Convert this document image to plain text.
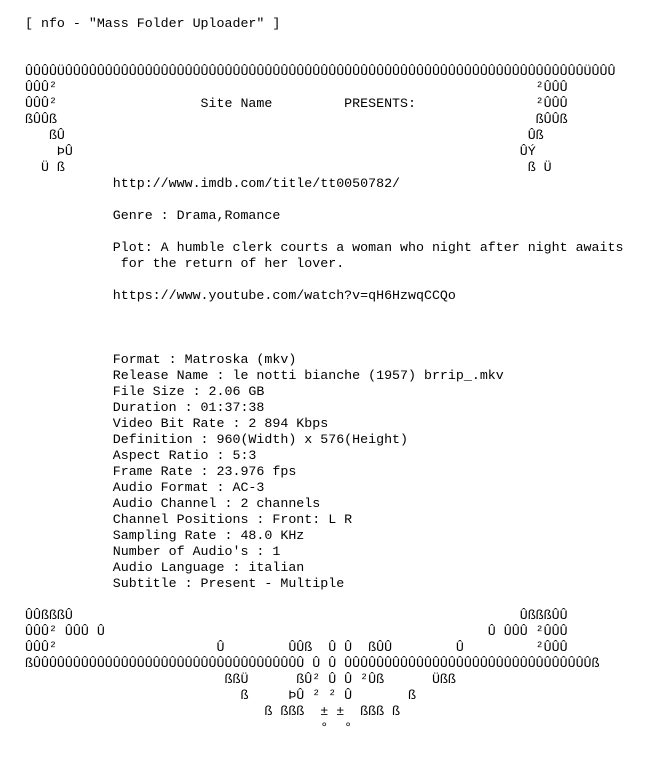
[ nfo - "Mass Folder Uploader" ]
ÛÛÛÛÜÛÛÛÛÛÛÛÛÛÛÛÛÛÛÛÛÛÛÛÛÛÛÛÛÛÛÛÛÛÛÛÛÛÛÛÛÛÛÛÛÛÛÛÛÛÛÛÛÛÛÛÛÛÛÛÛÛÛÛÛÛÛÛÛÛÜÛÛÛ
ÛÛÛ²                                                            ²ÛÛÛ
ÛÛÛ²                  Site Name         PRESENTS:               ²ÛÛÛ
ßÛÛß                                                            ßÛÛß
ßÛ                                                          Ûß
ÞÛ                                                        ÛÝ
Ü ß                                                          ß Ü
http://www.imdb.com/title/tt0050782/
Genre : Drama,Romance
Plot: A humble clerk courts a woman who night after night awaits
for the return of her lover.
https://www.youtube.com/watch?v=qH6HzwqCCQo
Format : Matroska (mkv)
Release Name : le notti bianche (1957) brrip_.mkv
File Size : 2.06 GB
Duration : 01:37:38
Video Bit Rate : 2 894 Kbps
Definition : 960(Width) x 576(Height)
Aspect Ratio : 5:3
Frame Rate : 23.976 fps
Audio Format : AC-3
Audio Channel : 2 channels
Channel Positions : Front: L R
Sampling Rate : 48.0 KHz
Number of Audio's : 1
Audio Language : italian
Subtitle : Present - Multiple
ÛÛßßßÛ                                                        ÛßßßÛÛ
ÛÛÛ² ÛÛÛ Û                                                Û ÛÛÛ ²ÛÛÛ
ÛÛÛ²                    Û        ÛÛß  Û Û  ßÛÛ        Û         ²ÛÛÛ
ßÛÛÛÛÛÛÛÛÛÛÛÛÛÛÛÛÛÛÛÛÛÛÛÛÛÛÛÛÛÛÛÛÛÛ Û Û ÛÛÛÛÛÛÛÛÛÛÛÛÛÛÛÛÛÛÛÛÛÛÛÛÛÛÛÛÛÛÛß
ßßÜ      ßÛ² Û Û ²Ûß      Üßß
ß     ÞÛ ² ² Û       ß
ß ßßß  ± ±  ßßß ß
°  °
